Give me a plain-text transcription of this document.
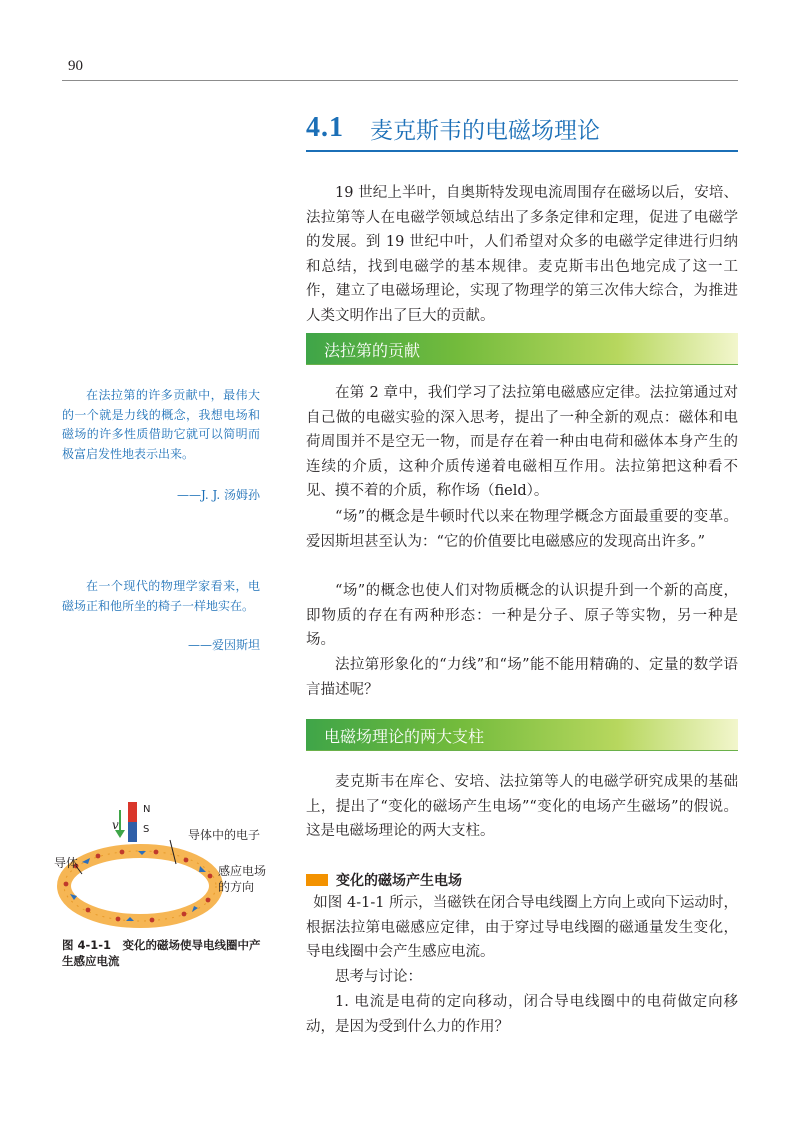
90
4.1 麦克斯韦的电磁场理论

19 世纪上半叶，自奥斯特发现电流周围存在磁场以后，安培、法拉第等人在电磁学领域总结出了多条定律和定理，促进了电磁学的发展。到 19 世纪中叶，人们希望对众多的电磁学定律进行归纳和总结，找到电磁学的基本规律。麦克斯韦出色地完成了这一工作，建立了电磁场理论，实现了物理学的第三次伟大综合，为推进人类文明作出了巨大的贡献。

法拉第的贡献

在第 2 章中，我们学习了法拉第电磁感应定律。法拉第通过对自己做的电磁实验的深入思考，提出了一种全新的观点：磁体和电荷周围并不是空无一物，而是存在着一种由电荷和磁体本身产生的连续的介质，这种介质传递着电磁相互作用。法拉第把这种看不见、摸不着的介质，称作场（field）。

“场”的概念是牛顿时代以来在物理学概念方面最重要的变革。爱因斯坦甚至认为：“它的价值要比电磁感应的发现高出许多。”

“场”的概念也使人们对物质概念的认识提升到一个新的高度，即物质的存在有两种形态：一种是分子、原子等实物，另一种是场。

法拉第形象化的“力线”和“场”能不能用精确的、定量的数学语言描述呢？

电磁场理论的两大支柱

麦克斯韦在库仑、安培、法拉第等人的电磁学研究成果的基础上，提出了“变化的磁场产生电场”“变化的电场产生磁场”的假说。这是电磁场理论的两大支柱。

变化的磁场产生电场

如图 4-1-1 所示，当磁铁在闭合导电线圈上方向上或向下运动时，根据法拉第电磁感应定律，由于穿过导电线圈的磁通量发生变化，导电线圈中会产生感应电流。

思考与讨论：

1. 电流是电荷的定向移动，闭合导电线圈中的电荷做定向移动，是因为受到什么力的作用？

在法拉第的许多贡献中，最伟大的一个就是力线的概念，我想电场和磁场的许多性质借助它就可以简明而极富启发性地表示出来。

——J. J. 汤姆孙

在一个现代的物理学家看来，电磁场正和他所坐的椅子一样地实在。

——爱因斯坦
v
N
S	导体中的电子
导体
感应电场
的方向
图 4-1-1　变化的磁场使导电线圈中产生感应电流
